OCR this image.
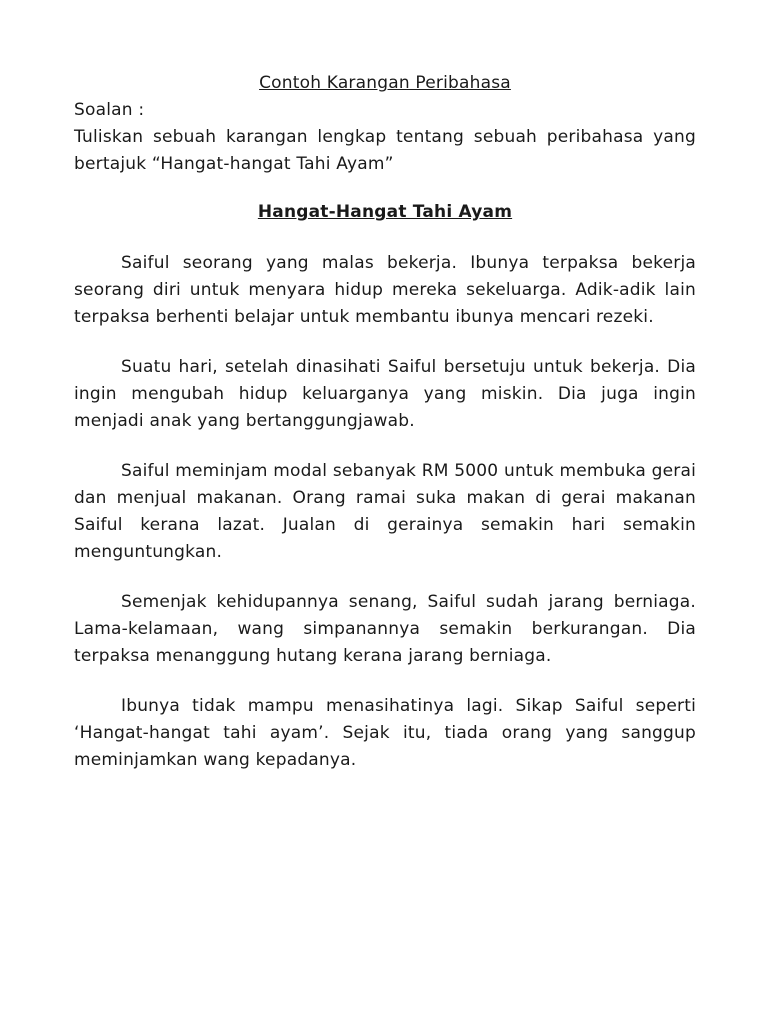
Contoh Karangan Peribahasa

Soalan :

Tuliskan sebuah karangan lengkap tentang sebuah peribahasa yang bertajuk “Hangat-hangat Tahi Ayam”

Hangat-Hangat Tahi Ayam

Saiful seorang yang malas bekerja. Ibunya terpaksa bekerja seorang diri untuk menyara hidup mereka sekeluarga. Adik-adik lain terpaksa berhenti belajar untuk membantu ibunya mencari rezeki.

Suatu hari, setelah dinasihati Saiful bersetuju untuk bekerja. Dia ingin mengubah hidup keluarganya yang miskin. Dia juga ingin menjadi anak yang bertanggungjawab.

Saiful meminjam modal sebanyak RM 5000 untuk membuka gerai dan menjual makanan. Orang ramai suka makan di gerai makanan Saiful kerana lazat. Jualan di gerainya semakin hari semakin menguntungkan.

Semenjak kehidupannya senang, Saiful sudah jarang berniaga. Lama-kelamaan, wang simpanannya semakin berkurangan. Dia terpaksa menanggung hutang kerana jarang berniaga.

Ibunya tidak mampu menasihatinya lagi. Sikap Saiful seperti ‘Hangat-hangat tahi ayam’. Sejak itu, tiada orang yang sanggup meminjamkan wang kepadanya.
